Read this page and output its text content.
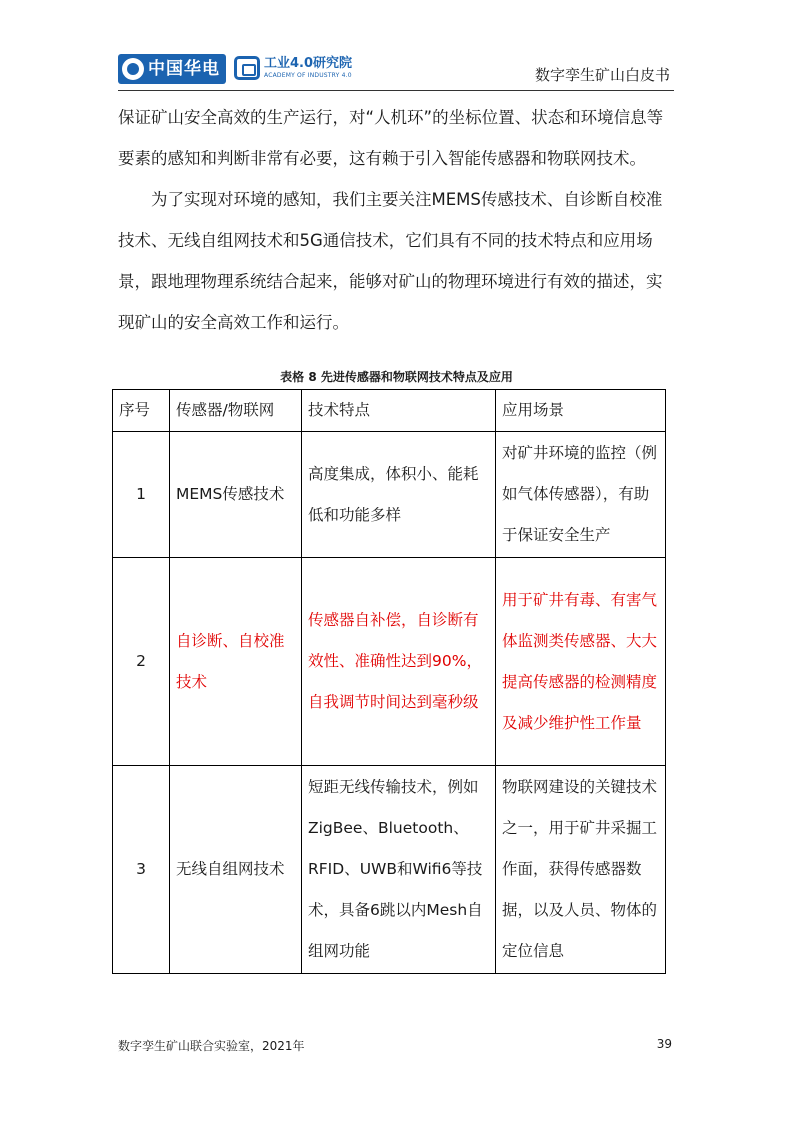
中国华电	工业4.0研究院
ACADEMY OF INDUSTRY 4.0	数字孪生矿山白皮书

保证矿山安全高效的生产运行，对“人机环”的坐标位置、状态和环境信息等要素的感知和判断非常有必要，这有赖于引入智能传感器和物联网技术。

为了实现对环境的感知，我们主要关注MEMS传感技术、自诊断自校准技术、无线自组网技术和5G通信技术，它们具有不同的技术特点和应用场景，跟地理物理系统结合起来，能够对矿山的物理环境进行有效的描述，实现矿山的安全高效工作和运行。

表格 8 先进传感器和物联网技术特点及应用
序号	传感器/物联网	技术特点	应用场景
1	MEMS传感技术	高度集成，体积小、能耗低和功能多样	对矿井环境的监控（例如气体传感器），有助于保证安全生产
2	自诊断、自校准技术	传感器自补偿，自诊断有效性、准确性达到90%，自我调节时间达到毫秒级	用于矿井有毒、有害气体监测类传感器、大大提高传感器的检测精度及减少维护性工作量
3	无线自组网技术	短距无线传输技术，例如ZigBee、Bluetooth、RFID、UWB和Wifi6等技术，具备6跳以内Mesh自组网功能	物联网建设的关键技术之一，用于矿井采掘工作面，获得传感器数据，以及人员、物体的定位信息
数字孪生矿山联合实验室，2021年	39
